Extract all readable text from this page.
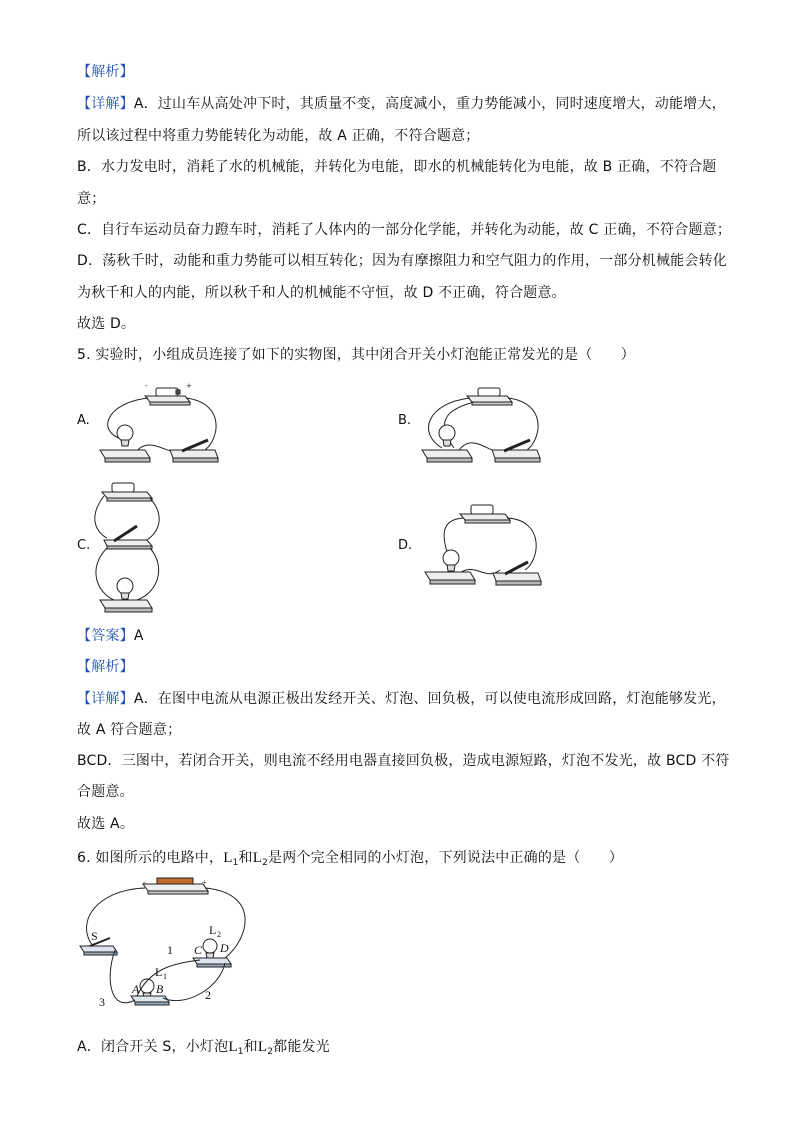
【解析】
【详解】A．过山车从高处冲下时，其质量不变，高度减小，重力势能减小，同时速度增大，动能增大，
所以该过程中将重力势能转化为动能，故 A 正确，不符合题意；
B．水力发电时，消耗了水的机械能，并转化为电能，即水的机械能转化为电能，故 B 正确，不符合题
意；
C．自行车运动员奋力蹬车时，消耗了人体内的一部分化学能，并转化为动能，故 C 正确，不符合题意；
D．荡秋千时，动能和重力势能可以相互转化；因为有摩擦阻力和空气阻力的作用，一部分机械能会转化
为秋千和人的内能，所以秋千和人的机械能不守恒，故 D 不正确，符合题意。
故选 D。
5. 实验时，小组成员连接了如下的实物图，其中闭合开关小灯泡能正常发光的是（　　）
A.	B.
C.	D.
-	+
【答案】A
【解析】
【详解】A．在图中电流从电源正极出发经开关、灯泡、回负极，可以使电流形成回路，灯泡能够发光，
故 A 符合题意；
BCD．三图中，若闭合开关，则电流不经用电器直接回负极，造成电源短路，灯泡不发光，故 BCD 不符
合题意。
故选 A。
6. 如图所示的电路中，$L_1$和$L_2$是两个完全相同的小灯泡，下列说法中正确的是（　　）
-	+
S	L 2
C D
1
L 1
A B	2
3
A．闭合开关 S，小灯泡$L_1$和$L_2$都能发光
